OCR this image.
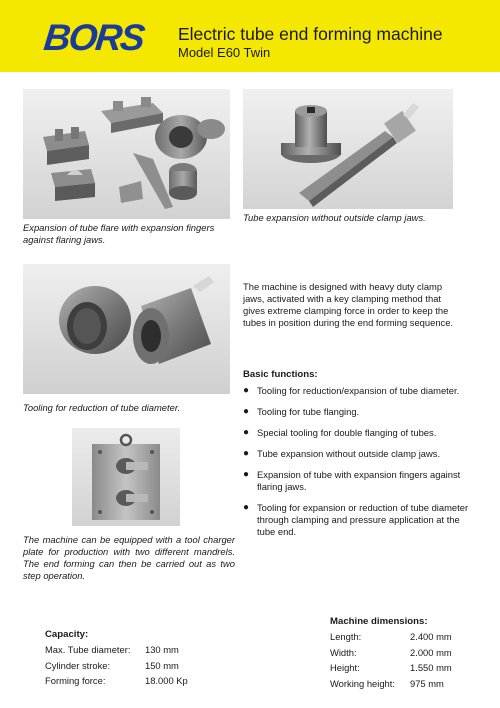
BORS Electric tube end forming machine
Model E60 Twin
Expansion of tube flare with expansion fingers against flaring jaws.
Tube expansion without outside clamp jaws.
Tooling for reduction of tube diameter.
The machine can be equipped with a tool charger plate for production with two different mandrels. The end forming can then be carried out as two step operation.
The machine is designed with heavy duty clamp jaws, activated with a key clamping method that gives extreme clamping force in order to keep the tubes in position during the end forming sequence.
Basic functions:
● Tooling for reduction/expansion of tube diameter.
● Tooling for tube flanging.
● Special tooling for double flanging of tubes.
● Tube expansion without outside clamp jaws.
● Expansion of tube with expansion fingers against flaring jaws.
● Tooling for expansion or reduction of tube diameter through clamping and pressure application at the tube end.
Capacity:
Max. Tube diameter:	130 mm
Cylinder stroke:	150 mm
Forming force:	18.000 Kp
Machine dimensions:
Length:	2.400 mm
Width:	2.000 mm
Height:	1.550 mm
Working height:	975 mm
